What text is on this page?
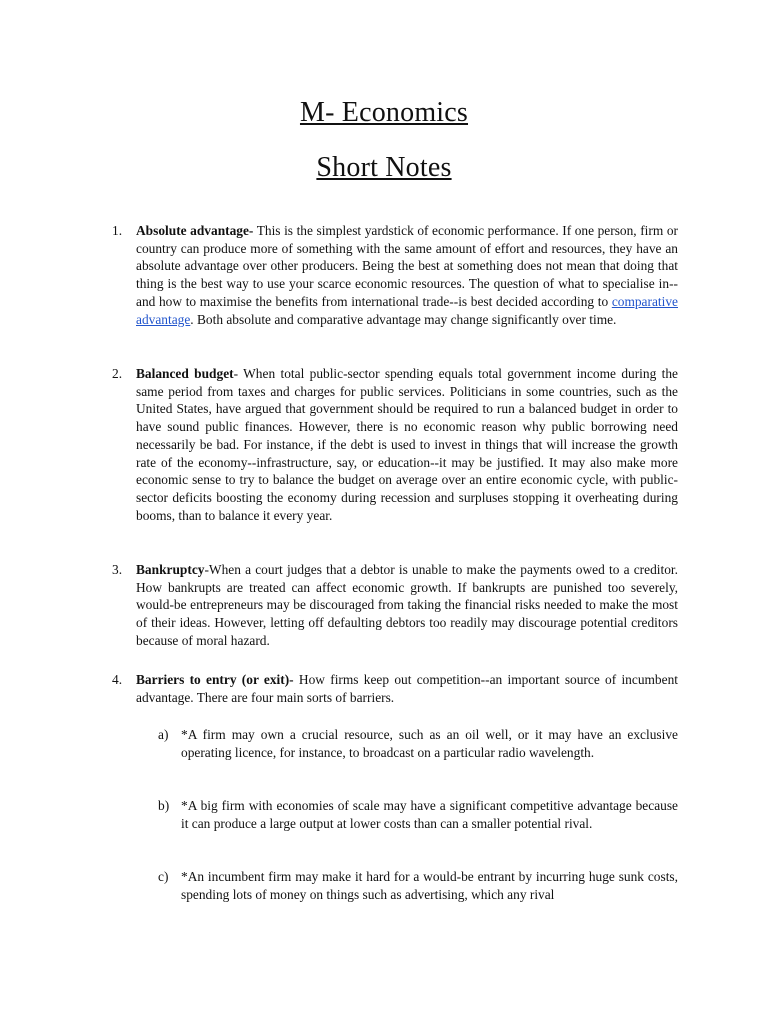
M- Economics
Short Notes
1. Absolute advantage- This is the simplest yardstick of economic performance. If one person, firm or country can produce more of something with the same amount of effort and resources, they have an absolute advantage over other producers. Being the best at something does not mean that doing that thing is the best way to use your scarce economic resources. The question of what to specialise in--and how to maximise the benefits from international trade--is best decided according to comparative advantage. Both absolute and comparative advantage may change significantly over time.
2. Balanced budget- When total public-sector spending equals total government income during the same period from taxes and charges for public services. Politicians in some countries, such as the United States, have argued that government should be required to run a balanced budget in order to have sound public finances. However, there is no economic reason why public borrowing need necessarily be bad. For instance, if the debt is used to invest in things that will increase the growth rate of the economy--infrastructure, say, or education--it may be justified. It may also make more economic sense to try to balance the budget on average over an entire economic cycle, with public-sector deficits boosting the economy during recession and surpluses stopping it overheating during booms, than to balance it every year.
3. Bankruptcy-When a court judges that a debtor is unable to make the payments owed to a creditor. How bankrupts are treated can affect economic growth. If bankrupts are punished too severely, would-be entrepreneurs may be discouraged from taking the financial risks needed to make the most of their ideas. However, letting off defaulting debtors too readily may discourage potential creditors because of moral hazard.
4. Barriers to entry (or exit)- How firms keep out competition--an important source of incumbent advantage. There are four main sorts of barriers.
a) *A firm may own a crucial resource, such as an oil well, or it may have an exclusive operating licence, for instance, to broadcast on a particular radio wavelength.
b) *A big firm with economies of scale may have a significant competitive advantage because it can produce a large output at lower costs than can a smaller potential rival.
c) *An incumbent firm may make it hard for a would-be entrant by incurring huge sunk costs, spending lots of money on things such as advertising, which any rival
